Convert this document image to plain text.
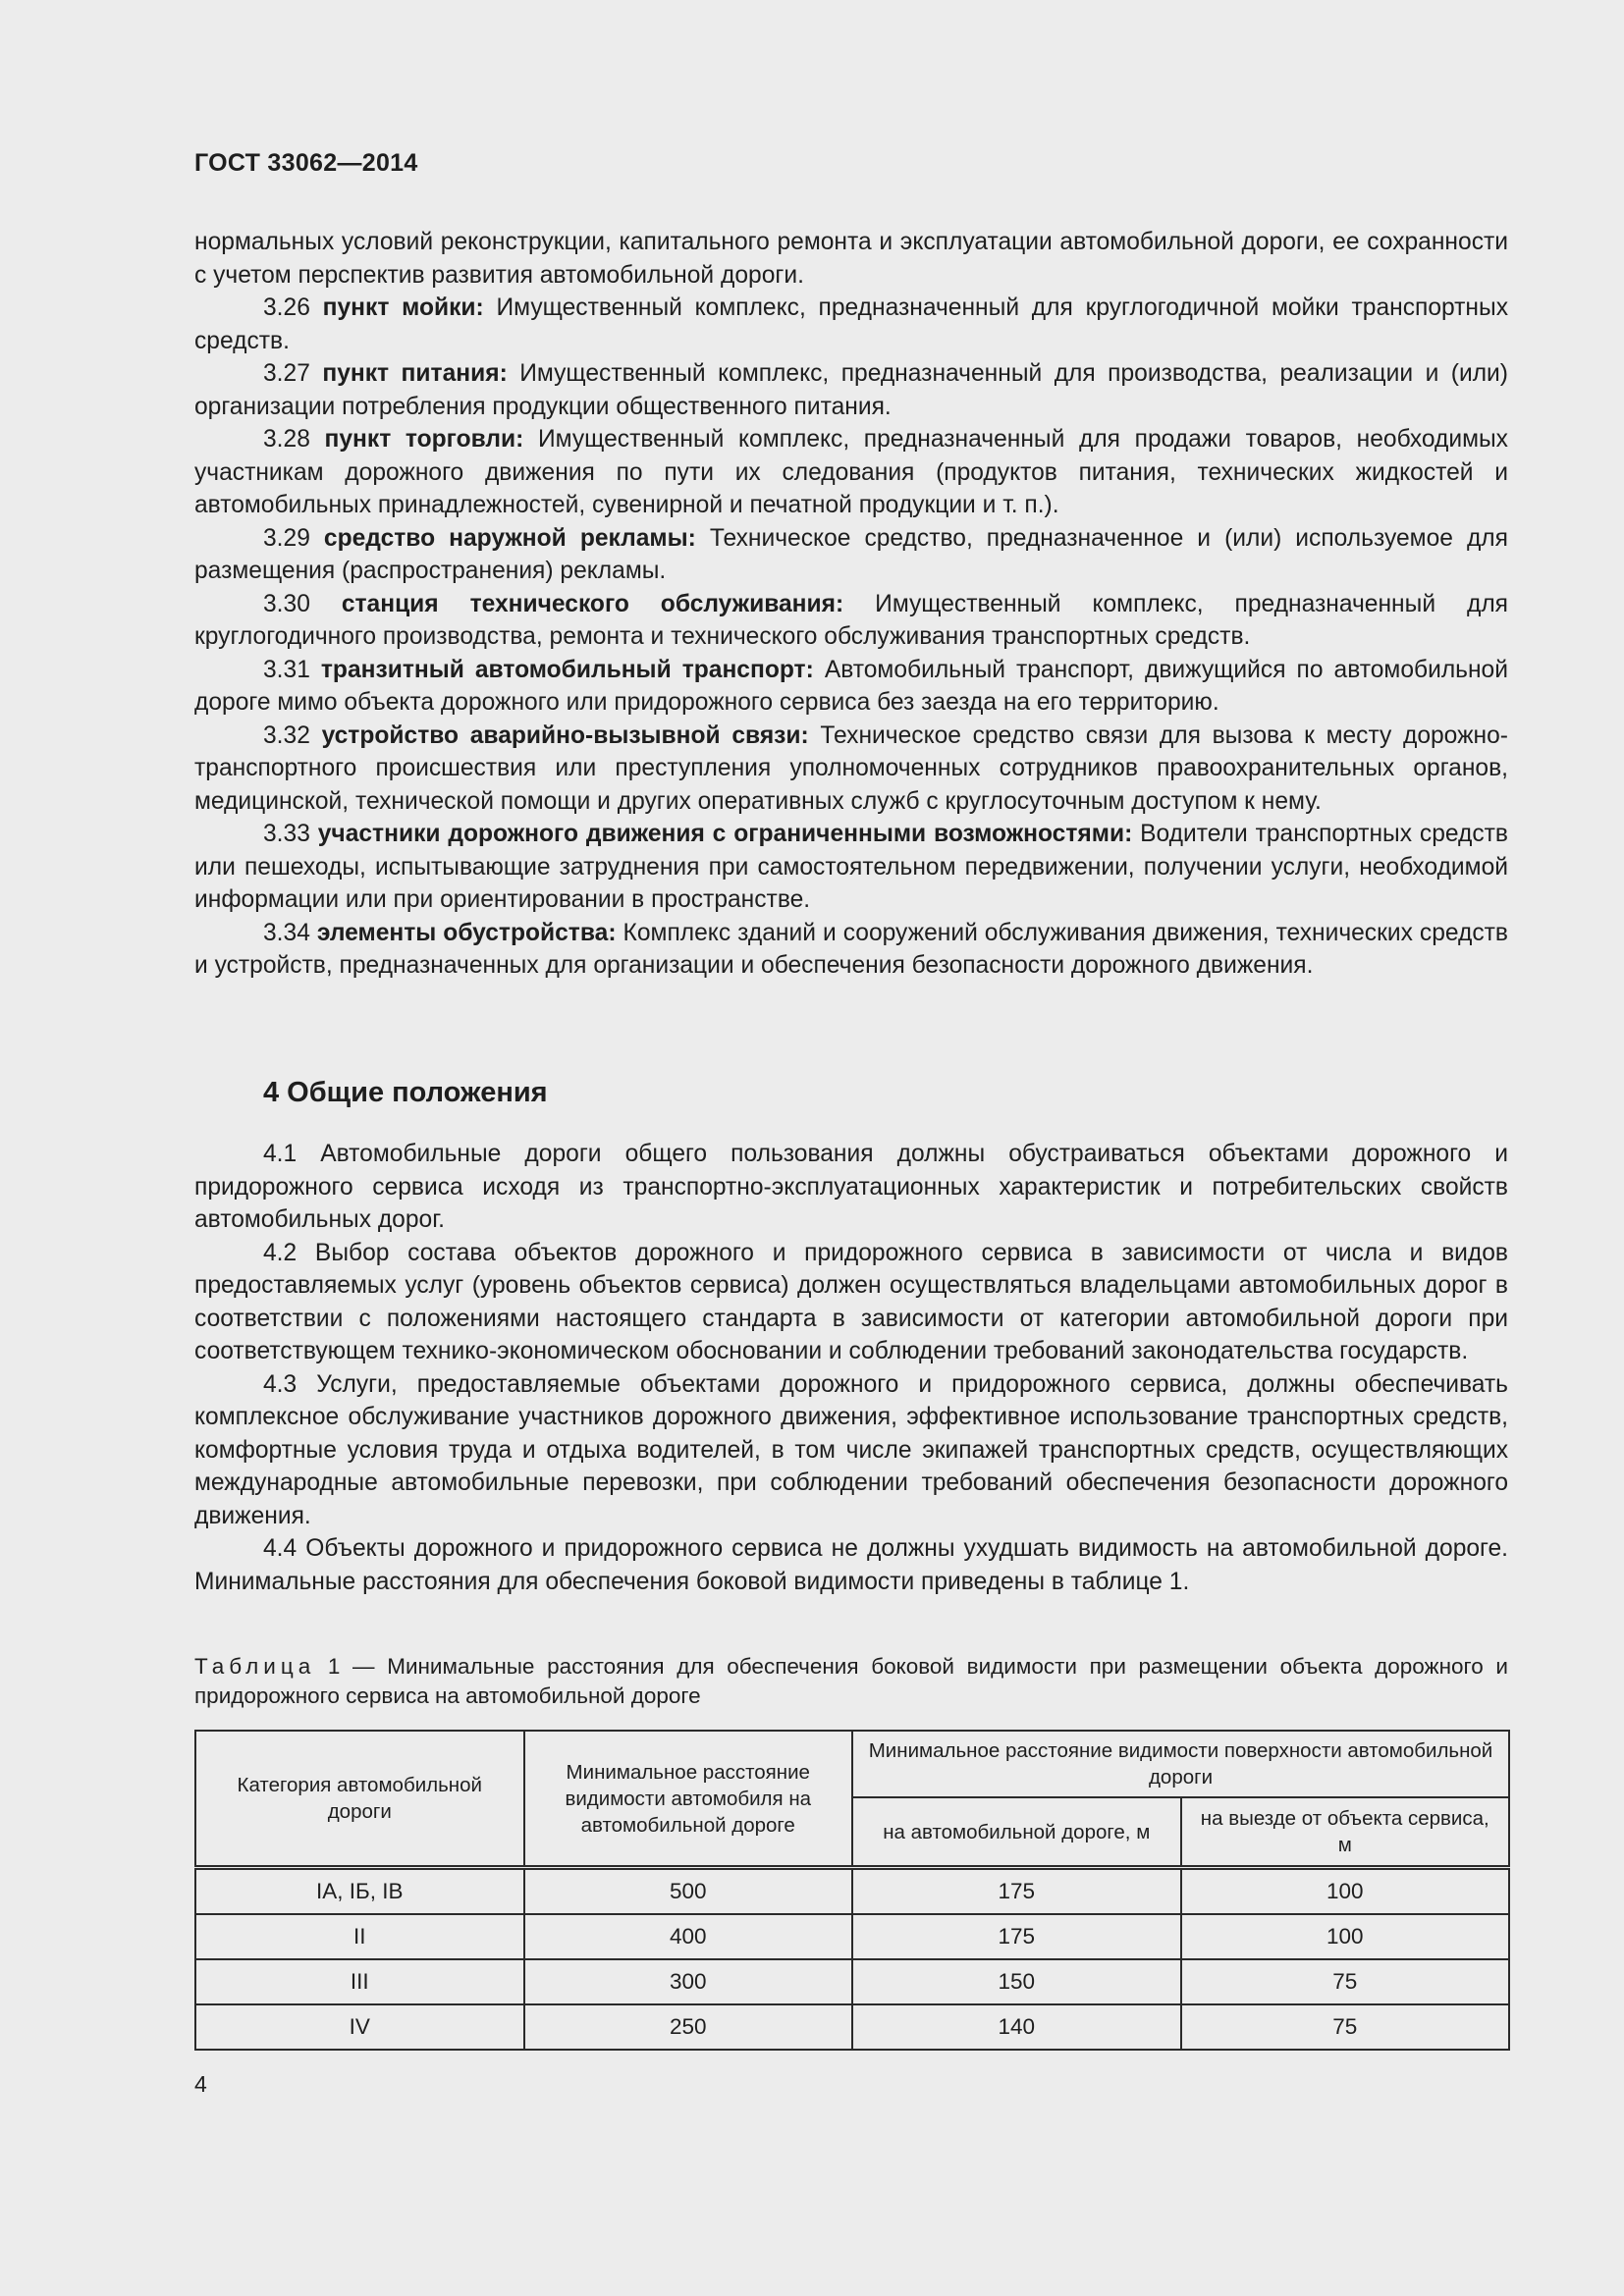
ГОСТ 33062—2014

нормальных условий реконструкции, капитального ремонта и эксплуатации автомобильной дороги, ее сохранности с учетом перспектив развития автомобильной дороги.

3.26 пункт мойки: Имущественный комплекс, предназначенный для круглогодичной мойки транспортных средств.

3.27 пункт питания: Имущественный комплекс, предназначенный для производства, реализации и (или) организации потребления продукции общественного питания.

3.28 пункт торговли: Имущественный комплекс, предназначенный для продажи товаров, необходимых участникам дорожного движения по пути их следования (продуктов питания, технических жидкостей и автомобильных принадлежностей, сувенирной и печатной продукции и т. п.).

3.29 средство наружной рекламы: Техническое средство, предназначенное и (или) используемое для размещения (распространения) рекламы.

3.30 станция технического обслуживания: Имущественный комплекс, предназначенный для круглогодичного производства, ремонта и технического обслуживания транспортных средств.

3.31 транзитный автомобильный транспорт: Автомобильный транспорт, движущийся по автомобильной дороге мимо объекта дорожного или придорожного сервиса без заезда на его территорию.

3.32 устройство аварийно-вызывной связи: Техническое средство связи для вызова к месту дорожно-транспортного происшествия или преступления уполномоченных сотрудников правоохранительных органов, медицинской, технической помощи и других оперативных служб с круглосуточным доступом к нему.

3.33 участники дорожного движения с ограниченными возможностями: Водители транспортных средств или пешеходы, испытывающие затруднения при самостоятельном передвижении, получении услуги, необходимой информации или при ориентировании в пространстве.

3.34 элементы обустройства: Комплекс зданий и сооружений обслуживания движения, технических средств и устройств, предназначенных для организации и обеспечения безопасности дорожного движения.

4 Общие положения

4.1 Автомобильные дороги общего пользования должны обустраиваться объектами дорожного и придорожного сервиса исходя из транспортно-эксплуатационных характеристик и потребительских свойств автомобильных дорог.

4.2 Выбор состава объектов дорожного и придорожного сервиса в зависимости от числа и видов предоставляемых услуг (уровень объектов сервиса) должен осуществляться владельцами автомобильных дорог в соответствии с положениями настоящего стандарта в зависимости от категории автомобильной дороги при соответствующем технико-экономическом обосновании и соблюдении требований законодательства государств.

4.3 Услуги, предоставляемые объектами дорожного и придорожного сервиса, должны обеспечивать комплексное обслуживание участников дорожного движения, эффективное использование транспортных средств, комфортные условия труда и отдыха водителей, в том числе экипажей транспортных средств, осуществляющих международные автомобильные перевозки, при соблюдении требований обеспечения безопасности дорожного движения.

4.4 Объекты дорожного и придорожного сервиса не должны ухудшать видимость на автомобильной дороге. Минимальные расстояния для обеспечения боковой видимости приведены в таблице 1.

Таблица 1 — Минимальные расстояния для обеспечения боковой видимости при размещении объекта дорожного и придорожного сервиса на автомобильной дороге
Категория автомобильной дороги	Минимальное расстояние видимости автомобиля на автомобильной дороге	Минимальное расстояние видимости поверхности автомобильной дороги	
		на автомобильной дороге, м	на выезде от объекта сервиса, м
IA, IБ, IB	500	175	100
II	400	175	100
III	300	150	75
IV	250	140	75
4
